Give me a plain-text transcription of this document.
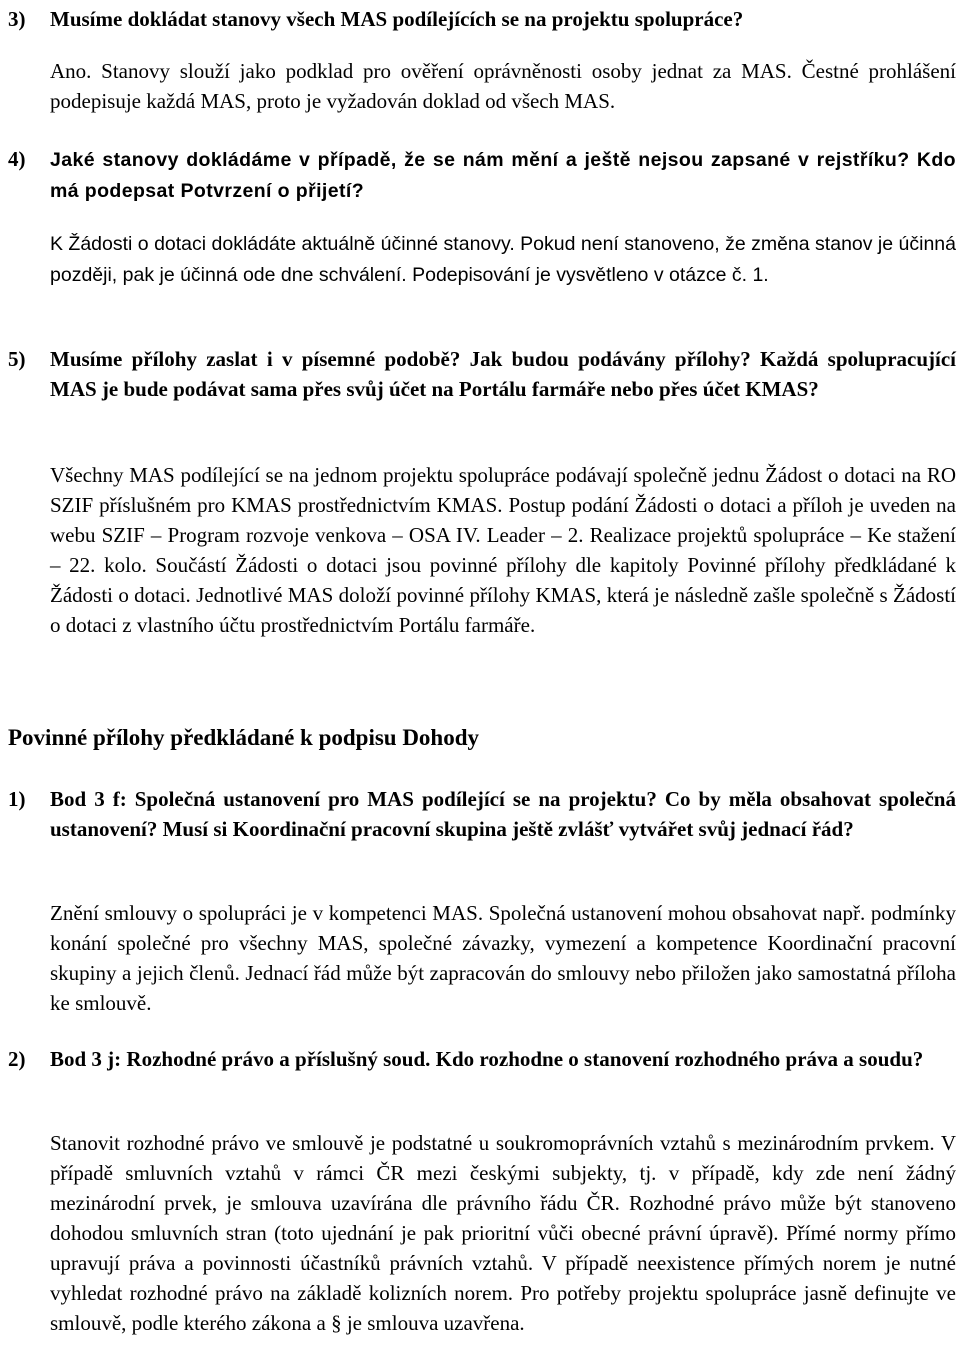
3) Musíme dokládat stanovy všech MAS podílejících se na projektu spolupráce?

Ano. Stanovy slouží jako podklad pro ověření oprávněnosti osoby jednat za MAS. Čestné prohlášení podepisuje každá MAS, proto je vyžadován doklad od všech MAS.

4)	Jaké stanovy dokládáme v případě, že se nám mění a ještě nejsou zapsané v rejstříku? Kdo má podepsat Potvrzení o přijetí?

K Žádosti o dotaci dokládáte aktuálně účinné stanovy. Pokud není stanoveno, že změna stanov je účinná později, pak je účinná ode dne schválení. Podepisování je vysvětleno v otázce č. 1.

5)	Musíme přílohy zaslat i v písemné podobě? Jak budou podávány přílohy? Každá spolupracující MAS je bude podávat sama přes svůj účet na Portálu farmáře nebo přes účet KMAS?

Všechny MAS podílející se na jednom projektu spolupráce podávají společně jednu Žádost o dotaci na RO SZIF příslušném pro KMAS prostřednictvím KMAS. Postup podání Žádosti o dotaci a příloh je uveden na webu SZIF – Program rozvoje venkova – OSA IV. Leader – 2. Realizace projektů spolupráce – Ke stažení – 22. kolo. Součástí Žádosti o dotaci jsou povinné přílohy dle kapitoly Povinné přílohy předkládané k Žádosti o dotaci. Jednotlivé MAS doloží povinné přílohy KMAS, která je následně zašle společně s Žádostí o dotaci z vlastního účtu prostřednictvím Portálu farmáře.

Povinné přílohy předkládané k podpisu Dohody
1)	Bod 3 f: Společná ustanovení pro MAS podílející se na projektu? Co by měla obsahovat společná ustanovení? Musí si Koordinační pracovní skupina ještě zvlášť vytvářet svůj jednací řád?

Znění smlouvy o spolupráci je v kompetenci MAS. Společná ustanovení mohou obsahovat např. podmínky konání společné pro všechny MAS, společné závazky, vymezení a kompetence Koordinační pracovní skupiny a jejich členů. Jednací řád může být zapracován do smlouvy nebo přiložen jako samostatná příloha ke smlouvě.

2)	Bod 3 j: Rozhodné právo a příslušný soud. Kdo rozhodne o stanovení rozhodného práva a soudu?

Stanovit rozhodné právo ve smlouvě je podstatné u soukromoprávních vztahů s mezinárodním prvkem. V případě smluvních vztahů v rámci ČR mezi českými subjekty, tj. v případě, kdy zde není žádný mezinárodní prvek, je smlouva uzavírána dle právního řádu ČR. Rozhodné právo může být stanoveno dohodou smluvních stran (toto ujednání je pak prioritní vůči obecné právní úpravě). Přímé normy přímo upravují práva a povinnosti účastníků právních vztahů. V případě neexistence přímých norem je nutné vyhledat rozhodné právo na základě kolizních norem. Pro potřeby projektu spolupráce jasně definujte ve smlouvě, podle kterého zákona a § je smlouva uzavřena.
